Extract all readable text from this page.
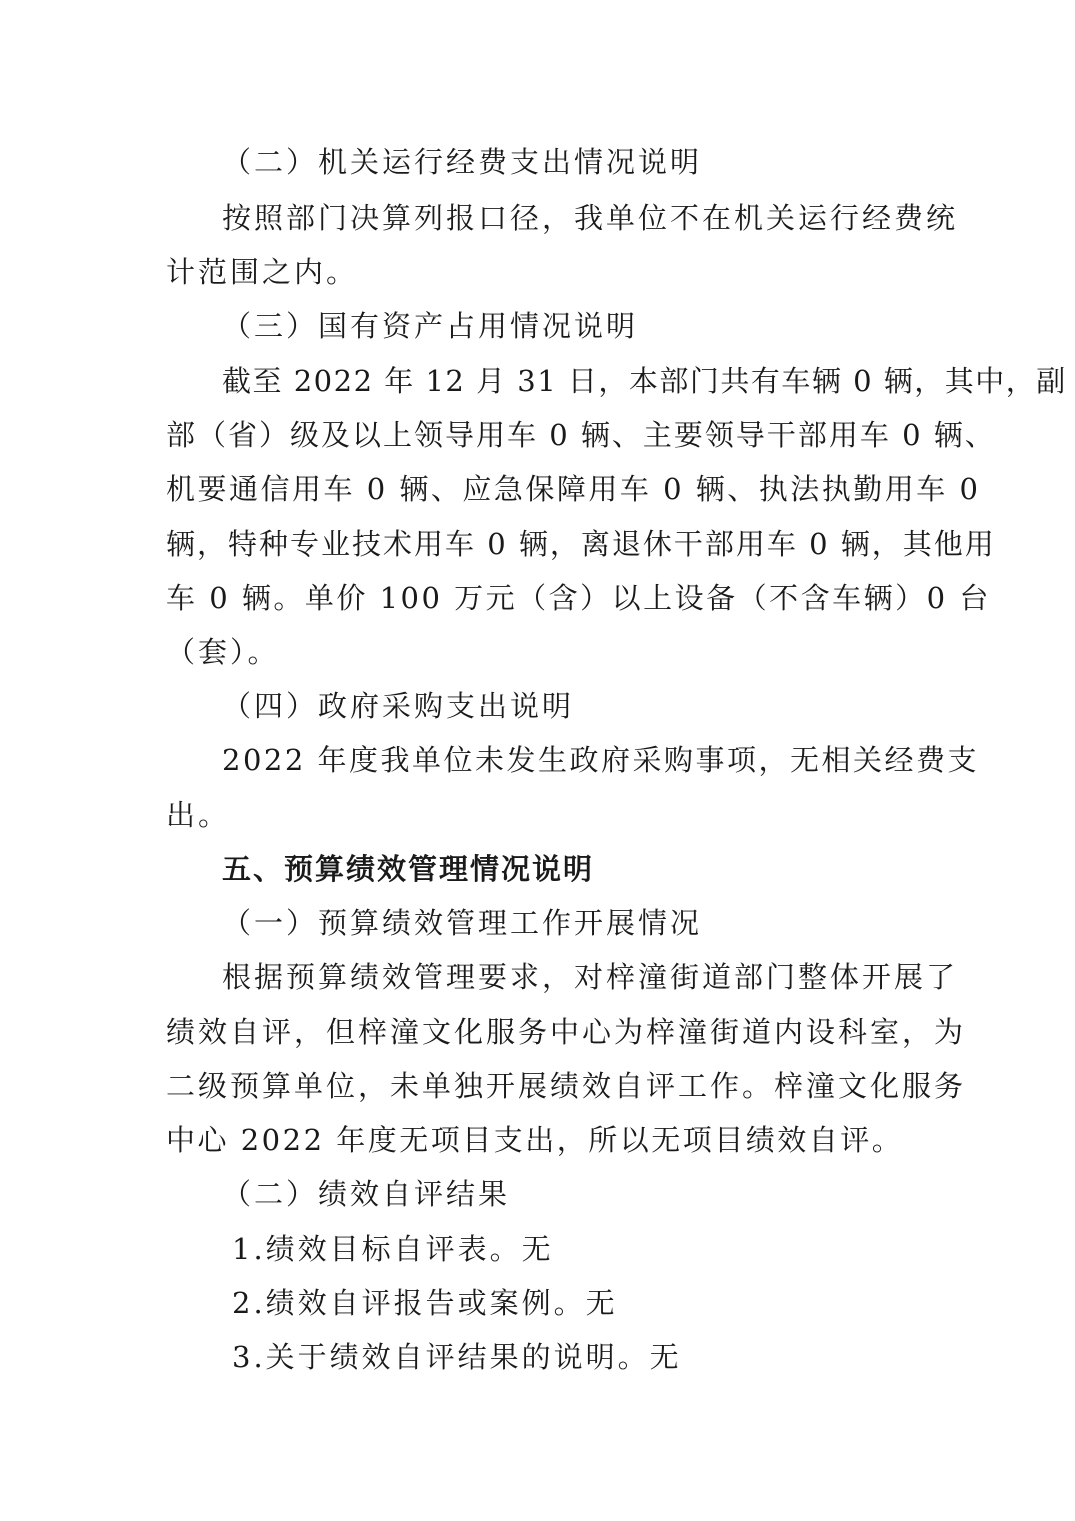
（二）机关运行经费支出情况说明
按照部门决算列报口径，我单位不在机关运行经费统
计范围之内。
（三）国有资产占用情况说明
截至 2022 年 12 月 31 日，本部门共有车辆 0 辆，其中，副
部（省）级及以上领导用车 0 辆、主要领导干部用车 0 辆、
机要通信用车 0 辆、应急保障用车 0 辆、执法执勤用车 0
辆，特种专业技术用车 0 辆，离退休干部用车 0 辆，其他用
车 0 辆。单价 100 万元（含）以上设备（不含车辆）0 台
（套）。
（四）政府采购支出说明
2022 年度我单位未发生政府采购事项，无相关经费支
出。
五、预算绩效管理情况说明
（一）预算绩效管理工作开展情况
根据预算绩效管理要求，对梓潼街道部门整体开展了
绩效自评，但梓潼文化服务中心为梓潼街道内设科室，为
二级预算单位，未单独开展绩效自评工作。梓潼文化服务
中心 2022 年度无项目支出，所以无项目绩效自评。
（二）绩效自评结果
1.绩效目标自评表。无
2.绩效自评报告或案例。无
3.关于绩效自评结果的说明。无
